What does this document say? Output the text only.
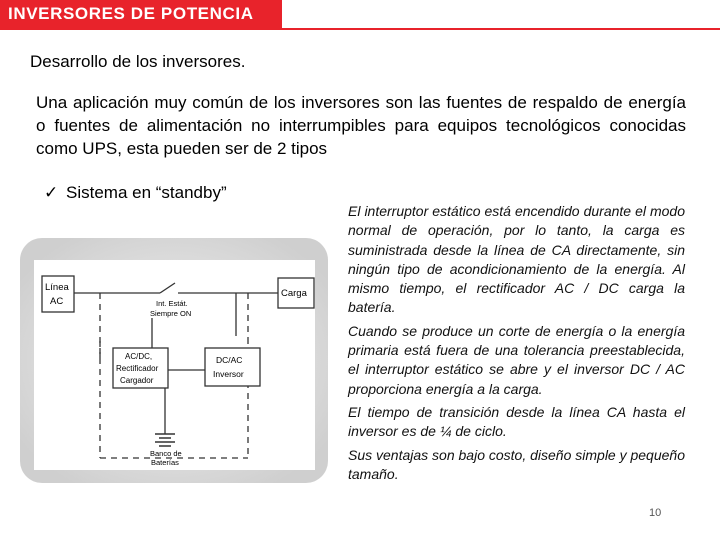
INVERSORES DE POTENCIA
Desarrollo de los inversores.
Una aplicación muy común de los inversores son las fuentes de respaldo de energía o fuentes de alimentación no interrumpibles para equipos tecnológicos conocidas como UPS, esta pueden ser de 2 tipos
✓ Sistema en “standby”
Línea
AC	Int. Estát.
Siempre ON
Carga
AC/DC,
Rectificador
Cargador
DC/AC
Inversor
Banco de
Baterías

El interruptor estático está encendido durante el modo normal de operación, por lo tanto, la carga es suministrada desde la línea de CA directamente, sin ningún tipo de acondicionamiento de la energía. Al mismo tiempo, el rectificador AC / DC carga la batería.

Cuando se produce un corte de energía o la energía primaria está fuera de una tolerancia preestablecida, el interruptor estático se abre y el inversor DC / AC proporciona energía a la carga.

El tiempo de transición desde la línea CA hasta el inversor es de ¼ de ciclo.

Sus ventajas son bajo costo, diseño simple y pequeño tamaño.

10
